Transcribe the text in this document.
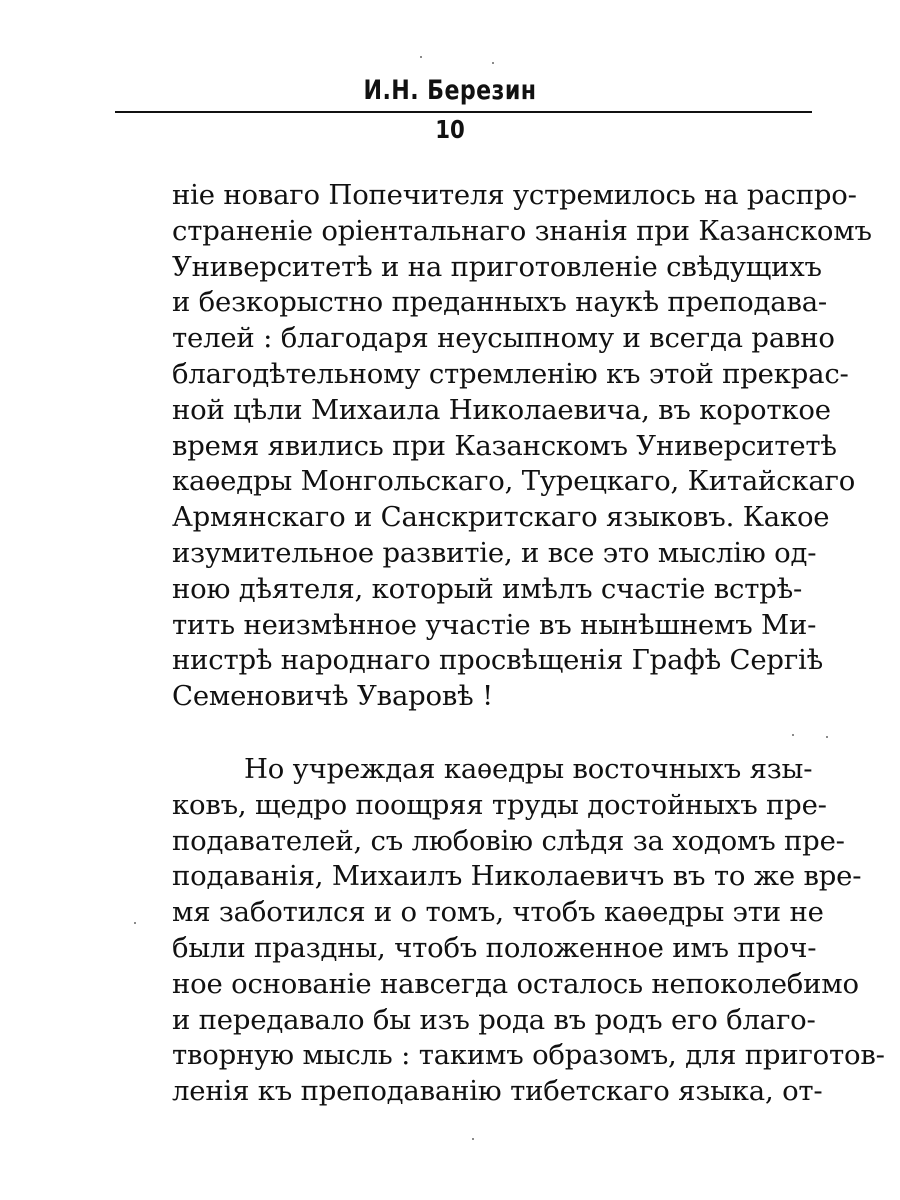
И.Н. Березин
10
ніе новаго Попечителя устремилось на распро-
страненіе оріентальнаго знанія при Казанскомъ
Университетѣ и на приготовленіе свѣдущихъ
и безкорыстно преданныхъ наукѣ преподава-
телей : благодаря неусыпному и всегда равно
благодѣтельному стремленію къ этой прекрас-
ной цѣли Михаила Николаевича, въ короткое
время явились при Казанскомъ Университетѣ
каѳедры Монгольскаго, Турецкаго, Китайскаго
Армянскаго и Санскритскаго языковъ. Какое
изумительное развитіе, и все это мыслію од-
ною дѣятеля, который имѣлъ счастіе встрѣ-
тить неизмѣнное участіе въ нынѣшнемъ Ми-
нистрѣ народнаго просвѣщенія Графѣ Сергіѣ
Семеновичѣ Уваровѣ !
Но учреждая каѳедры восточныхъ язы-
ковъ, щедро поощряя труды достойныхъ пре-
подавателей, съ любовію слѣдя за ходомъ пре-
подаванія, Михаилъ Николаевичъ въ то же вре-
мя заботился и о томъ, чтобъ каѳедры эти не
были праздны, чтобъ положенное имъ проч-
ное основаніе навсегда осталось непоколебимо
и передавало бы изъ рода въ родъ его благо-
творную мысль : такимъ образомъ, для приготов-
ленія къ преподаванію тибетскаго языка, от-
